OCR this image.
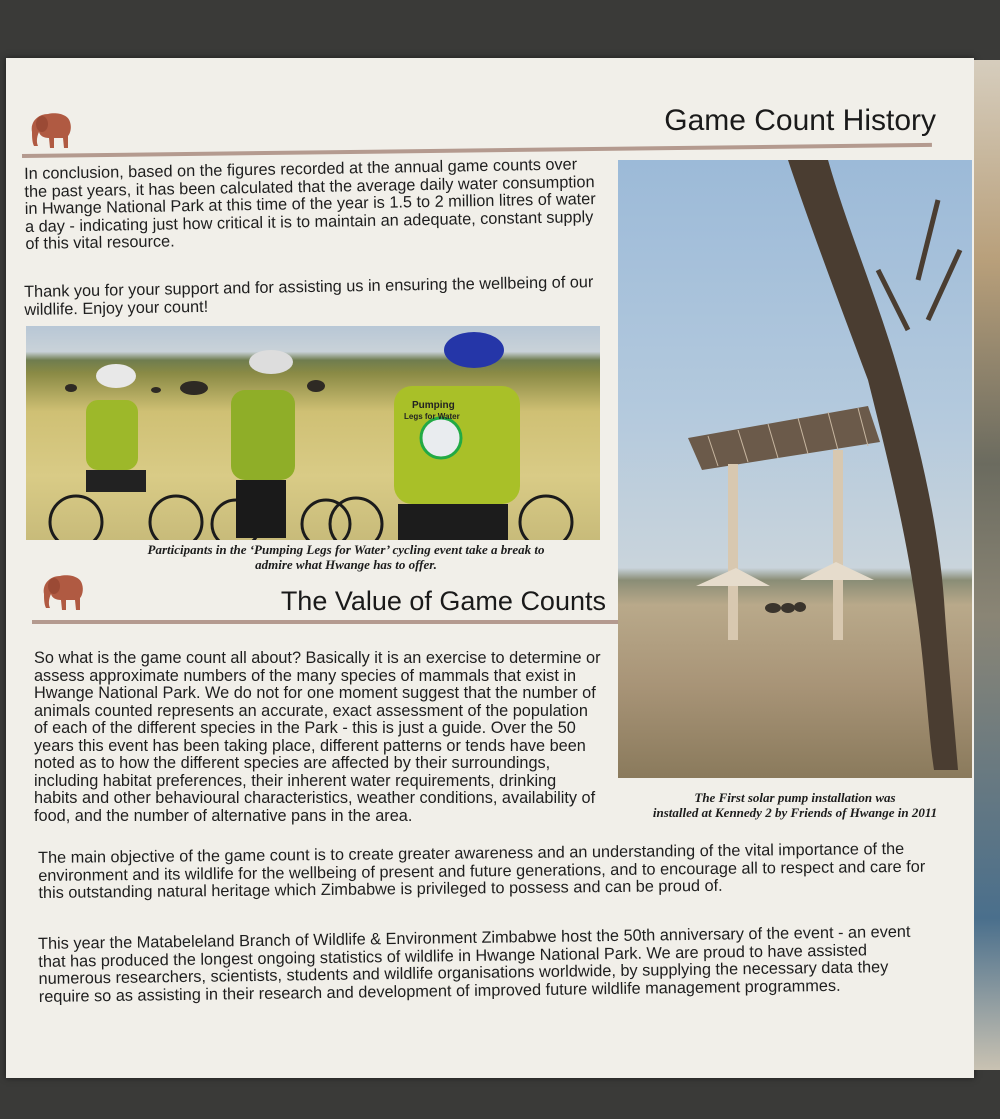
Game Count History

In conclusion, based on the figures recorded at the annual game counts over the past years, it has been calculated that the average daily water consumption in Hwange National Park at this time of the year is 1.5 to 2 million litres of water a day - indicating just how critical it is to maintain an adequate, constant supply of this vital resource.

Thank you for your support and for assisting us in ensuring the wellbeing of our wildlife. Enjoy your count!

Pumping
Legs for Water
Participants in the ‘Pumping Legs for Water’ cycling event take a break to
admire what Hwange has to offer.
The Value of Game Counts

So what is the game count all about? Basically it is an exercise to determine or assess approximate numbers of the many species of mammals that exist in Hwange National Park. We do not for one moment suggest that the number of animals counted represents an accurate, exact assessment of the population of each of the different species in the Park - this is just a guide. Over the 50 years this event has been taking place, different patterns or tends have been noted as to how the different species are affected by their surroundings, including habitat preferences, their inherent water requirements, drinking habits and other behavioural characteristics, weather conditions, availability of food, and the number of alternative pans in the area.

The First solar pump installation was
installed at Kennedy 2 by Friends of Hwange in 2011

The main objective of the game count is to create greater awareness and an understanding of the vital importance of the environment and its wildlife for the wellbeing of present and future generations, and to encourage all to respect and care for this outstanding natural heritage which Zimbabwe is privileged to possess and can be proud of.

This year the Matabeleland Branch of Wildlife & Environment Zimbabwe host the 50th anniversary of the event - an event that has produced the longest ongoing statistics of wildlife in Hwange National Park. We are proud to have assisted numerous researchers, scientists, students and wildlife organisations worldwide, by supplying the necessary data they require so as assisting in their research and development of improved future wildlife management programmes.
